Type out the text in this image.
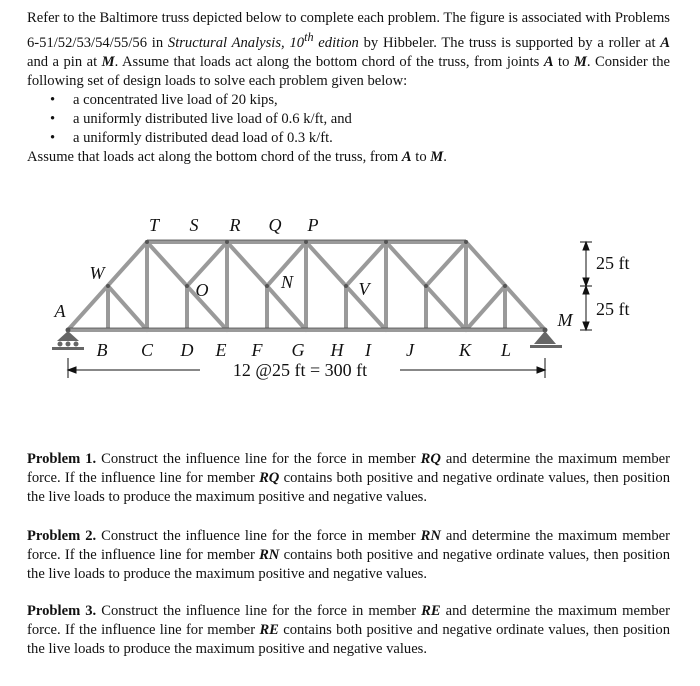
Refer to the Baltimore truss depicted below to complete each problem. The figure is associated with Problems 6-51/52/53/54/55/56 in Structural Analysis, 10th edition by Hibbeler. The truss is supported by a roller at A and a pin at M. Assume that loads act along the bottom chord of the truss, from joints A to M. Consider the following set of design loads to solve each problem given below:

• a concentrated live load of 20 kips,
• a uniformly distributed live load of 0.6 k/ft, and
• a uniformly distributed dead load of 0.3 k/ft.

Assume that loads act along the bottom chord of the truss, from A to M.

T S R Q P
B C D E F G H I J K L
A	M
W
O	N	V
25 ft
25 ft
12 @25 ft = 300 ft

Problem 1. Construct the influence line for the force in member RQ and determine the maximum member force. If the influence line for member RQ contains both positive and negative ordinate values, then position the live loads to produce the maximum positive and negative values.

Problem 2. Construct the influence line for the force in member RN and determine the maximum member force. If the influence line for member RN contains both positive and negative ordinate values, then position the live loads to produce the maximum positive and negative values.

Problem 3. Construct the influence line for the force in member RE and determine the maximum member force. If the influence line for member RE contains both positive and negative ordinate values, then position the live loads to produce the maximum positive and negative values.
